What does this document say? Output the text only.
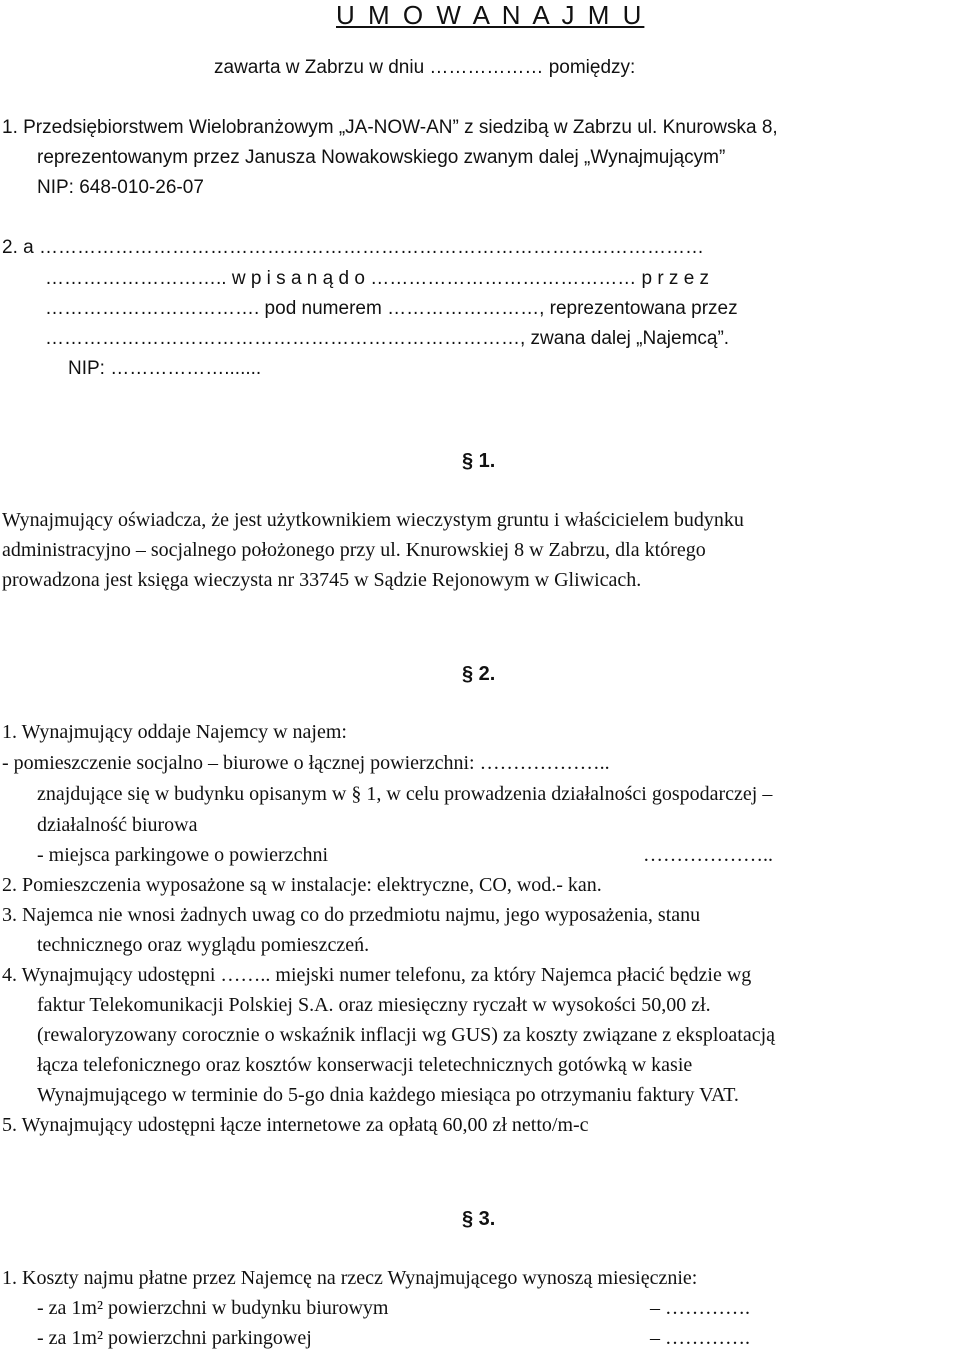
U M O W A N A J M U
zawarta w Zabrzu w dniu ……………… pomiędzy:
1. Przedsiębiorstwem Wielobranżowym „JA-NOW-AN” z siedzibą w Zabrzu ul. Knurowska 8,
reprezentowanym przez Janusza Nowakowskiego zwanym dalej „Wynajmującym”
NIP: 648-010-26-07
2. a ……………………………………………………………………………………………
……………………….. w p i s a n ą d o …………………………………… p r z e z
……………………………. pod numerem ……………………, reprezentowana przez
…………………………………………………………………, zwana dalej „Najemcą”.
NIP: ……………….......
§ 1.
Wynajmujący oświadcza, że jest użytkownikiem wieczystym gruntu i właścicielem budynku
administracyjno – socjalnego położonego przy ul. Knurowskiej 8 w Zabrzu, dla którego
prowadzona jest księga wieczysta nr 33745 w Sądzie Rejonowym w Gliwicach.
§ 2.
1. Wynajmujący oddaje Najemcy w najem:
- pomieszczenie socjalno – biurowe o łącznej powierzchni: ………………..
znajdujące się w budynku opisanym w § 1, w celu prowadzenia działalności gospodarczej –
działalność biurowa
- miejsca parkingowe o powierzchni	………………..
2. Pomieszczenia wyposażone są w instalacje: elektryczne, CO, wod.- kan.
3. Najemca nie wnosi żadnych uwag co do przedmiotu najmu, jego wyposażenia, stanu
technicznego oraz wyglądu pomieszczeń.
4. Wynajmujący udostępni …….. miejski numer telefonu, za który Najemca płacić będzie wg
faktur Telekomunikacji Polskiej S.A. oraz miesięczny ryczałt w wysokości 50,00 zł.
(rewaloryzowany corocznie o wskaźnik inflacji wg GUS) za koszty związane z eksploatacją
łącza telefonicznego oraz kosztów konserwacji teletechnicznych gotówką w kasie
Wynajmującego w terminie do 5-go dnia każdego miesiąca po otrzymaniu faktury VAT.
5. Wynajmujący udostępni łącze internetowe za opłatą 60,00 zł netto/m-c
§ 3.
1. Koszty najmu płatne przez Najemcę na rzecz Wynajmującego wynoszą miesięcznie:
- za 1m² powierzchni w budynku biurowym	– ………….
- za 1m² powierzchni parkingowej	– ………….
